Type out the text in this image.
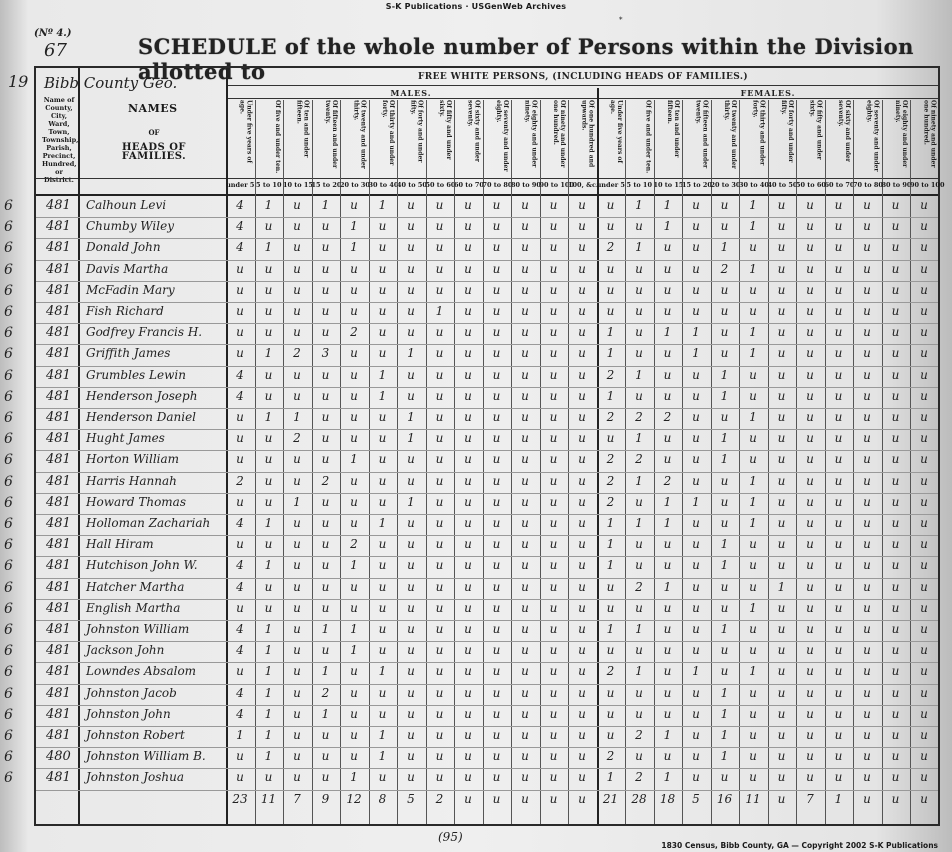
S-K Publications · USGenWeb Archives
*
(Nº 4.)
67
19
SCHEDULE of the whole number of Persons within the Division allotted to
Bibb County Geo.
Name of County, City, Ward, Town, Township, Parish, Precinct, Hundred, or District.
NAMES
OF
HEADS OF FAMILIES.
FREE WHITE PERSONS, (INCLUDING HEADS OF FAMILIES.)
MALES.	FEMALES.
(95)
1830 Census, Bibb County, GA — Copyright 2002 S-K Publications
Under five years of age.
under 5
Of five and under ten.
5 to 10
Of ten and under fifteen.
10 to 15
Of fifteen and under twenty.
15 to 20
Of twenty and under thirty.
20 to 30
Of thirty and under forty.
30 to 40
Of forty and under fifty.
40 to 50
Of fifty and under sixty.
50 to 60
Of sixty and under seventy.
60 to 70
Of seventy and under eighty.
70 to 80
Of eighty and under ninety.
80 to 90
Of ninety and under one hundred.
90 to 100
Of one hundred and upwards.
100, &c.
Under five years of age.
under 5
Of five and under ten.
5 to 10
Of ten and under fifteen.
10 to 15
Of fifteen and under twenty.
15 to 20
Of twenty and under thirty.
20 to 30
Of thirty and under forty.
30 to 40
Of forty and under fifty.
40 to 50
Of fifty and under sixty.
50 to 60
Of sixty and under seventy.
60 to 70
Of seventy and under eighty.
70 to 80
Of eighty and under ninety.
80 to 90
Of ninety and under one hundred.
90 to 100
6	481 Calhoun Levi	4	1	u	1	u	1	u	u	u	u	u	u	u	u	1	1	u	u	1	u	u	u	u	u	u
6	481 Chumby Wiley	4	u	u	u	1	u	u	u	u	u	u	u	u	u	u	1	u	u	1	u	u	u	u	u	u
6	481 Donald John	4	1	u	u	1	u	u	u	u	u	u	u	u	2	1	u	u	1	u	u	u	u	u	u	u
6	481 Davis Martha	u	u	u	u	u	u	u	u	u	u	u	u	u	u	u	u	u	2	1	u	u	u	u	u	u
6	481 McFadin Mary	u	u	u	u	u	u	u	u	u	u	u	u	u	u	u	u	u	u	u	u	u	u	u	u	u
6	481 Fish Richard	u	u	u	u	u	u	u	1	u	u	u	u	u	u	u	u	u	u	u	u	u	u	u	u	u
6	481 Godfrey Francis H.	u	u	u	u	2	u	u	u	u	u	u	u	u	1	u	1	1	u	1	u	u	u	u	u	u
6	481 Griffith James	u	1	2	3	u	u	1	u	u	u	u	u	u	1	u	u	1	u	1	u	u	u	u	u	u
6	481 Grumbles Lewin	4	u	u	u	u	1	u	u	u	u	u	u	u	2	1	u	u	1	u	u	u	u	u	u	u
6	481 Henderson Joseph	4	u	u	u	u	1	u	u	u	u	u	u	u	1	u	u	u	1	u	u	u	u	u	u	u
6	481 Henderson Daniel	u	1	1	u	u	u	1	u	u	u	u	u	u	2	2	2	u	u	1	u	u	u	u	u	u
6	481 Hught James	u	u	2	u	u	u	1	u	u	u	u	u	u	u	1	u	u	1	u	u	u	u	u	u	u
6	481 Horton William	u	u	u	u	1	u	u	u	u	u	u	u	u	2	2	u	u	1	u	u	u	u	u	u	u
6	481 Harris Hannah	2	u	u	2	u	u	u	u	u	u	u	u	u	2	1	2	u	u	1	u	u	u	u	u	u
6	481 Howard Thomas	u	u	1	u	u	u	1	u	u	u	u	u	u	2	u	1	1	u	1	u	u	u	u	u	u
6	481 Holloman Zachariah	4	1	u	u	u	1	u	u	u	u	u	u	u	1	1	1	u	u	1	u	u	u	u	u	u
6	481 Hall Hiram	u	u	u	u	2	u	u	u	u	u	u	u	u	1	u	u	u	1	u	u	u	u	u	u	u
6	481 Hutchison John W.	4	1	u	u	1	u	u	u	u	u	u	u	u	1	u	u	u	1	u	u	u	u	u	u	u
6	481 Hatcher Martha	4	u	u	u	u	u	u	u	u	u	u	u	u	u	2	1	u	u	u	1	u	u	u	u	u
6	481 English Martha	u	u	u	u	u	u	u	u	u	u	u	u	u	u	u	u	u	u	1	u	u	u	u	u	u
6	481 Johnston William	4	1	u	1	1	u	u	u	u	u	u	u	u	1	1	u	u	1	u	u	u	u	u	u	u
6	481 Jackson John	4	1	u	u	1	u	u	u	u	u	u	u	u	u	u	u	u	u	u	u	u	u	u	u	u
6	481 Lowndes Absalom	u	1	u	1	u	1	u	u	u	u	u	u	u	2	1	u	1	u	1	u	u	u	u	u	u
6	481 Johnston Jacob	4	1	u	2	u	u	u	u	u	u	u	u	u	u	u	u	u	1	u	u	u	u	u	u	u
6	481 Johnston John	4	1	u	1	u	u	u	u	u	u	u	u	u	u	u	u	u	1	u	u	u	u	u	u	u
6	481 Johnston Robert	1	1	u	u	u	1	u	u	u	u	u	u	u	u	2	1	u	1	u	u	u	u	u	u	u
6	480 Johnston William B.	u	1	u	u	u	1	u	u	u	u	u	u	u	2	u	u	u	1	u	u	u	u	u	u	u
6	481 Johnston Joshua	u	u	u	u	1	u	u	u	u	u	u	u	u	1	2	1	u	u	u	u	u	u	u	u	u
23	11	7	9	12	8	5	2	u	u	u	u	u	21	28	18	5	16	11	u	7	1	u	u	u
